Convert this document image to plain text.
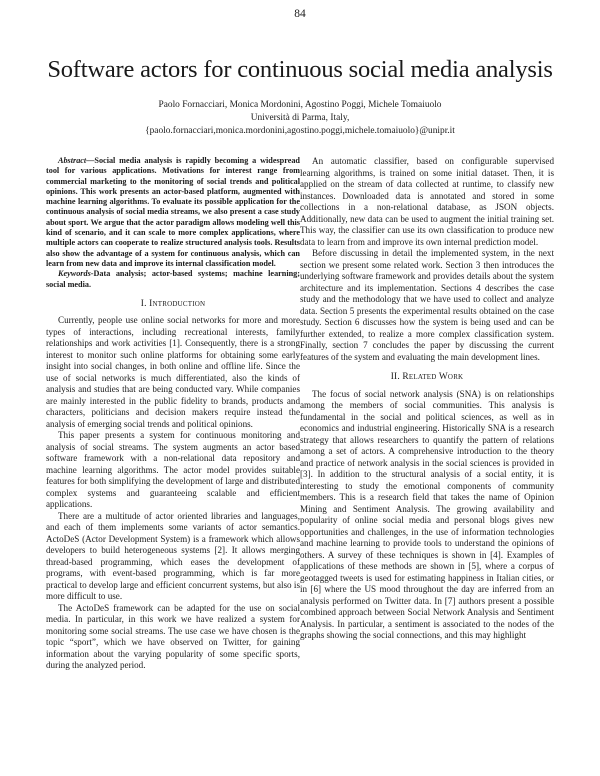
84
Software actors for continuous social media analysis
Paolo Fornacciari, Monica Mordonini, Agostino Poggi, Michele Tomaiuolo
Università di Parma, Italy,
{paolo.fornacciari,monica.mordonini,agostino.poggi,michele.tomaiuolo}@unipr.it

Abstract—Social media analysis is rapidly becoming a widespread tool for various applications. Motivations for interest range from commercial marketing to the monitoring of social trends and political opinions. This work presents an actor-based platform, augmented with machine learning algorithms. To evaluate its possible application for the continuous analysis of social media streams, we also present a case study about sport. We argue that the actor paradigm allows modeling well this kind of scenario, and it can scale to more complex applications, where multiple actors can cooperate to realize structured analysis tools. Results also show the advantage of a system for continuous analysis, which can learn from new data and improve its internal classification model.

Keywords-Data analysis; actor-based systems; machine learning; social media.

I. Introduction

Currently, people use online social networks for more and more types of interactions, including recreational interests, family relationships and work activities [1]. Consequently, there is a strong interest to monitor such online platforms for obtaining some early insight into social changes, in both online and offline life. Since the use of social networks is much differentiated, also the kinds of analysis and studies that are being conducted vary. While companies are mainly interested in the public fidelity to brands, products and characters, politicians and decision makers require instead the analysis of emerging social trends and political opinions.

This paper presents a system for continuous monitoring and analysis of social streams. The system augments an actor based software framework with a non-relational data repository and machine learning algorithms. The actor model provides suitable features for both simplifying the development of large and distributed complex systems and guaranteeing scalable and efficient applications.

There are a multitude of actor oriented libraries and languages, and each of them implements some variants of actor semantics. ActoDeS (Actor Development System) is a framework which allows developers to build heterogeneous systems [2]. It allows merging thread-based programming, which eases the development of programs, with event-based programming, which is far more practical to develop large and efficient concurrent systems, but also is more difficult to use.

The ActoDeS framework can be adapted for the use on social media. In particular, in this work we have realized a system for monitoring some social streams. The use case we have chosen is the topic “sport”, which we have observed on Twitter, for gaining information about the varying popularity of some specific sports, during the analyzed period.

An automatic classifier, based on configurable supervised learning algorithms, is trained on some initial dataset. Then, it is applied on the stream of data collected at runtime, to classify new instances. Downloaded data is annotated and stored in some collections in a non-relational database, as JSON objects. Additionally, new data can be used to augment the initial training set. This way, the classifier can use its own classification to produce new data to learn from and improve its own internal prediction model.

Before discussing in detail the implemented system, in the next section we present some related work. Section 3 then introduces the underlying software framework and provides details about the system architecture and its implementation. Sections 4 describes the case study and the methodology that we have used to collect and analyze data. Section 5 presents the experimental results obtained on the case study. Section 6 discusses how the system is being used and can be further extended, to realize a more complex classification system. Finally, section 7 concludes the paper by discussing the current features of the system and evaluating the main development lines.

II. Related Work

The focus of social network analysis (SNA) is on relationships among the members of social communities. This analysis is fundamental in the social and political sciences, as well as in economics and industrial engineering. Historically SNA is a research strategy that allows researchers to quantify the pattern of relations among a set of actors. A comprehensive introduction to the theory and practice of network analysis in the social sciences is provided in [3]. In addition to the structural analysis of a social entity, it is interesting to study the emotional components of community members. This is a research field that takes the name of Opinion Mining and Sentiment Analysis. The growing availability and popularity of online social media and personal blogs gives new opportunities and challenges, in the use of information technologies and machine learning to provide tools to understand the opinions of others. A survey of these techniques is shown in [4]. Examples of applications of these methods are shown in [5], where a corpus of geotagged tweets is used for estimating happiness in Italian cities, or in [6] where the US mood throughout the day are inferred from an analysis performed on Twitter data. In [7] authors present a possible combined approach between Social Network Analysis and Sentiment Analysis. In particular, a sentiment is associated to the nodes of the graphs showing the social connections, and this may highlight
